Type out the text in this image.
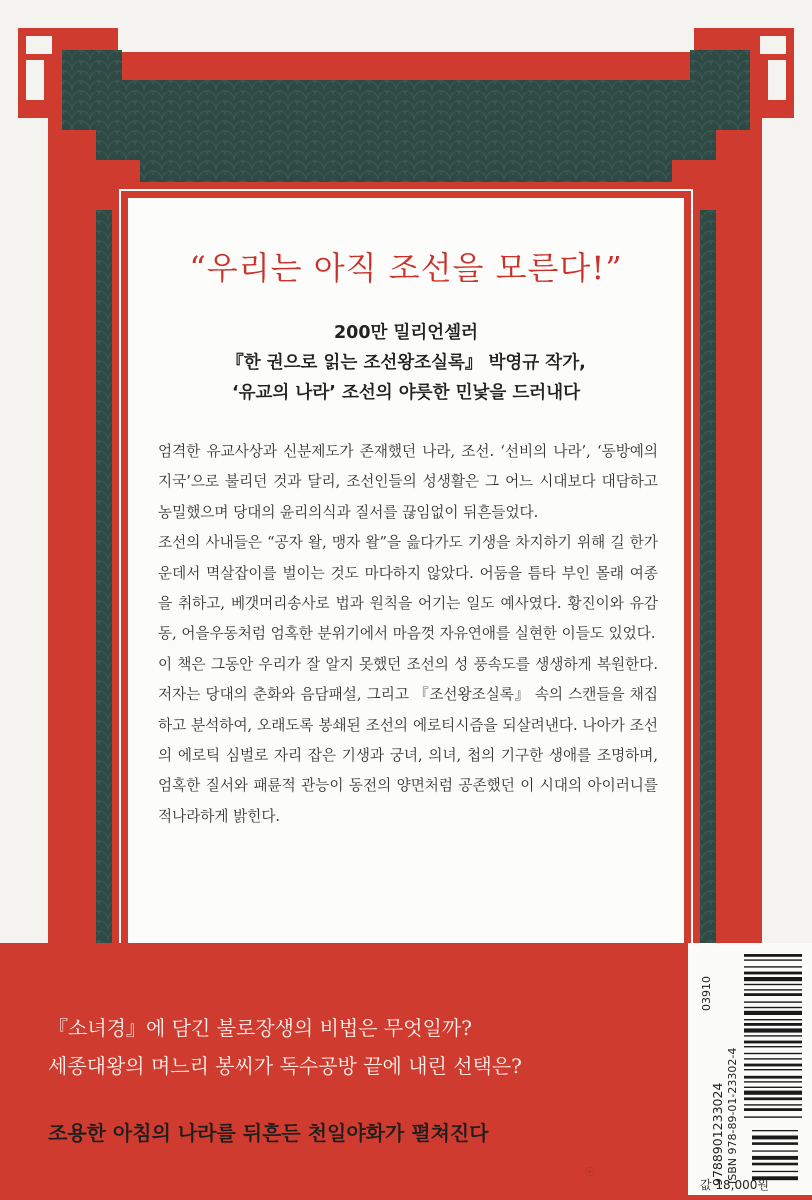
“우리는 아직 조선을 모른다!”
200만 밀리언셀러
『한 권으로 읽는 조선왕조실록』 박영규 작가,
‘유교의 나라’ 조선의 야릇한 민낯을 드러내다

엄격한 유교사상과 신분제도가 존재했던 나라, 조선. ‘선비의 나라’, ‘동방예의지국’으로 불리던 것과 달리, 조선인들의 성생활은 그 어느 시대보다 대담하고 농밀했으며 당대의 윤리의식과 질서를 끊임없이 뒤흔들었다.

조선의 사내들은 “공자 왈, 맹자 왈”을 읊다가도 기생을 차지하기 위해 길 한가운데서 멱살잡이를 벌이는 것도 마다하지 않았다. 어둠을 틈타 부인 몰래 여종을 취하고, 베갯머리송사로 법과 원칙을 어기는 일도 예사였다. 황진이와 유감동, 어을우동처럼 엄혹한 분위기에서 마음껏 자유연애를 실현한 이들도 있었다.

이 책은 그동안 우리가 잘 알지 못했던 조선의 성 풍속도를 생생하게 복원한다. 저자는 당대의 춘화와 음담패설, 그리고 『조선왕조실록』 속의 스캔들을 채집하고 분석하여, 오래도록 봉쇄된 조선의 에로티시즘을 되살려낸다. 나아가 조선의 에로틱 심벌로 자리 잡은 기생과 궁녀, 의녀, 첩의 기구한 생애를 조명하며, 엄혹한 질서와 패륜적 관능이 동전의 양면처럼 공존했던 이 시대의 아이러니를 적나라하게 밝힌다.

『소녀경』에 담긴 불로장생의 비법은 무엇일까?
세종대왕의 며느리 봉씨가 독수공방 끝에 내린 선택은?
조용한 아침의 나라를 뒤흔든 천일야화가 펼쳐진다	9788901233024 ISBN 978-89-01-23302-4
값 18,000원
03910
ⓢ
